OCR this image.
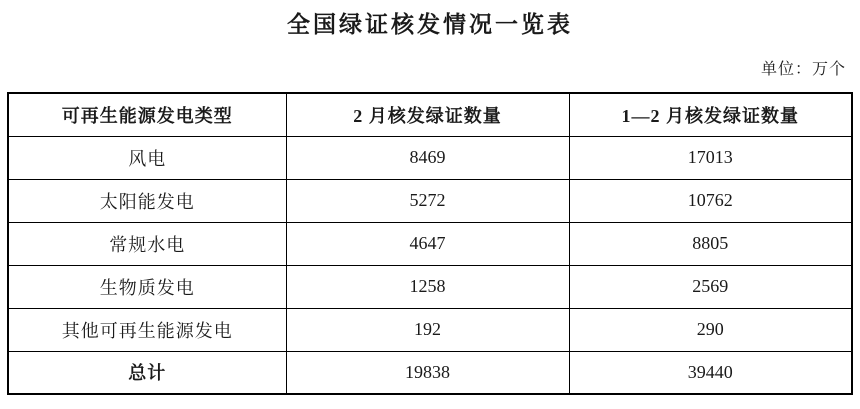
全国绿证核发情况一览表
单位：万个
可再生能源发电类型	2 月核发绿证数量	1—2 月核发绿证数量
风电	8469	17013
太阳能发电	5272	10762
常规水电	4647	8805
生物质发电	1258	2569
其他可再生能源发电	192	290
总计	19838	39440
